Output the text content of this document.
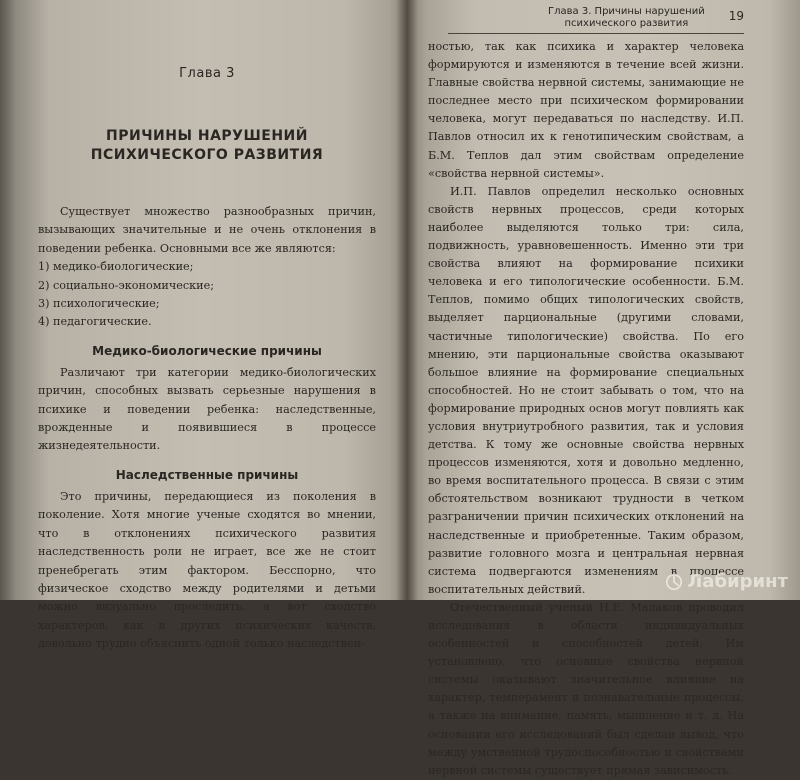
Глава 3
ПРИЧИНЫ НАРУШЕНИЙ
ПСИХИЧЕСКОГО РАЗВИТИЯ

Существует множество разнообразных причин, вызывающих значительные и не очень отклонения в поведении ребенка. Основными все же являются:

1) медико-биологические;
2) социально-экономические;
3) психологические;
4) педагогические.
Медико-биологические причины

Различают три категории медико-биологических причин, способных вызвать серьезные нарушения в психике и поведении ребенка: наследственные, врожденные и появившиеся в процессе жизнедеятельности.

Наследственные причины

Это причины, передающиеся из поколения в поколение. Хотя многие ученые сходятся во мнении, что в отклонениях психического развития наследственность роли не играет, все же не стоит пренебрегать этим фактором. Бесспорно, что физическое сходство между родителями и детьми можно визуально проследить, а вот сходство характеров, как и других психических качеств, довольно трудно объяснить одной только наследствен-

Глава 3. Причины нарушений
психического развития
19

ностью, так как психика и характер человека формируются и изменяются в течение всей жизни. Главные свойства нервной системы, занимающие не последнее место при психическом формировании человека, могут передаваться по наследству. И.П. Павлов относил их к генотипическим свойствам, а Б.М. Теплов дал этим свойствам определение «свойства нервной системы».

И.П. Павлов определил несколько основных свойств нервных процессов, среди которых наиболее выделяются только три: сила, подвижность, уравновешенность. Именно эти три свойства влияют на формирование психики человека и его типологические особенности. Б.М. Теплов, помимо общих типологических свойств, выделяет парциональные (другими словами, частичные типологические) свойства. По его мнению, эти парциональные свойства оказывают большое влияние на формирование специальных способностей. Но не стоит забывать о том, что на формирование природных основ могут повлиять как условия внутриутробного развития, так и условия детства. К тому же основные свойства нервных процессов изменяются, хотя и довольно медленно, во время воспитательного процесса. В связи с этим обстоятельством возникают трудности в четком разграничении причин психических отклонений на наследственные и приобретенные. Таким образом, развитие головного мозга и центральная нервная система подвергаются изменениям в процессе воспитательных действий.

Отечественный ученый Н.Е. Малаков проводил исследования в области индивидуальных особенностей и способностей детей. Им установлено, что основные свойства нервной системы оказывают значительное влияние на характер, темперамент и познавательные процессы, а также на внимание, память, мышление и т. д. На основании его исследований был сделан вывод, что между умственной трудоспособностью и свойствами нервной системы существует прямая зависимость.

Лабиринт
